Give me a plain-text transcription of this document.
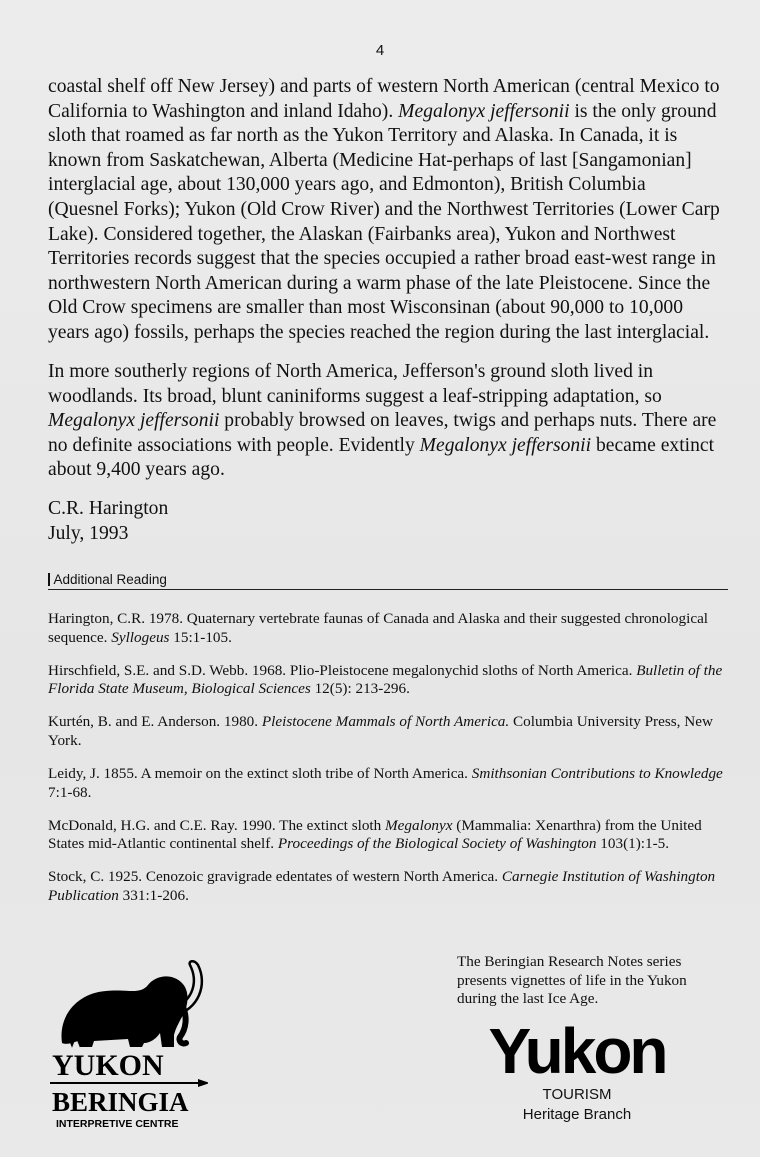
4

coastal shelf off New Jersey) and parts of western North American (central Mexico to California to Washington and inland Idaho). Megalonyx jeffersonii is the only ground sloth that roamed as far north as the Yukon Territory and Alaska. In Canada, it is known from Saskatchewan, Alberta (Medicine Hat-perhaps of last [Sangamonian] interglacial age, about 130,000 years ago, and Edmonton), British Columbia (Quesnel Forks); Yukon (Old Crow River) and the Northwest Territories (Lower Carp Lake). Considered together, the Alaskan (Fairbanks area), Yukon and Northwest Territories records suggest that the species occupied a rather broad east-west range in northwestern North American during a warm phase of the late Pleistocene. Since the Old Crow specimens are smaller than most Wisconsinan (about 90,000 to 10,000 years ago) fossils, perhaps the species reached the region during the last interglacial.

In more southerly regions of North America, Jefferson's ground sloth lived in woodlands. Its broad, blunt caniniforms suggest a leaf-stripping adaptation, so Megalonyx jeffersonii probably browsed on leaves, twigs and perhaps nuts. There are no definite associations with people. Evidently Megalonyx jeffersonii became extinct about 9,400 years ago.

C.R. Harington
July, 1993
Additional Reading

Harington, C.R. 1978. Quaternary vertebrate faunas of Canada and Alaska and their suggested chronological sequence. Syllogeus 15:1-105.

Hirschfield, S.E. and S.D. Webb. 1968. Plio-Pleistocene megalonychid sloths of North America. Bulletin of the Florida State Museum, Biological Sciences 12(5): 213-296.

Kurtén, B. and E. Anderson. 1980. Pleistocene Mammals of North America. Columbia University Press, New York.

Leidy, J. 1855. A memoir on the extinct sloth tribe of North America. Smithsonian Contributions to Knowledge 7:1-68.

McDonald, H.G. and C.E. Ray. 1990. The extinct sloth Megalonyx (Mammalia: Xenarthra) from the United States mid-Atlantic continental shelf. Proceedings of the Biological Society of Washington 103(1):1-5.

Stock, C. 1925. Cenozoic gravigrade edentates of western North America. Carnegie Institution of Washington Publication 331:1-206.

YUKON
BERINGIA
INTERPRETIVE CENTRE
The Beringian Research Notes series presents vignettes of life in the Yukon during the last Ice Age.
Yukon
TOURISM
Heritage Branch
